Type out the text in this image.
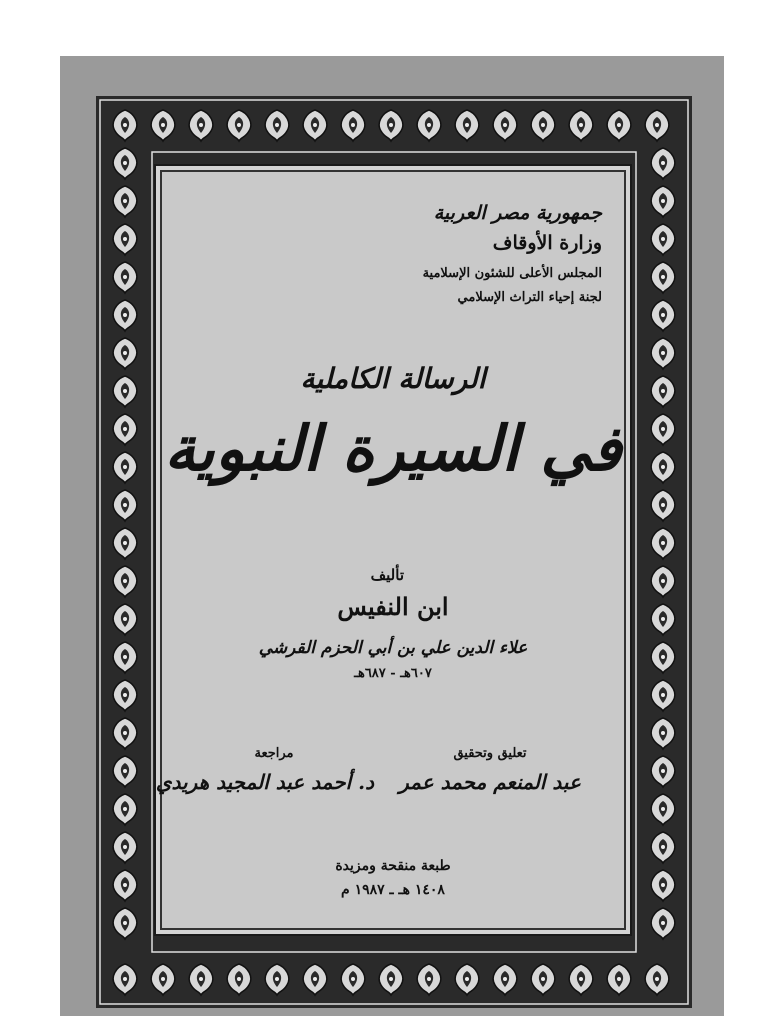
جمهورية مصر العربية
وزارة الأوقاف
المجلس الأعلى للشئون الإسلامية
لجنة إحياء التراث الإسلامي
الرسالة الكاملية
في السيرة النبوية
تأليف
ابن النفيس
علاء الدين علي بن أبي الحزم القرشي
٦٠٧هـ - ٦٨٧هـ
تعليق وتحقيق
عبد المنعم محمد عمر
مراجعة
د. أحمد عبد المجيد هريدي
طبعة منقحة ومزيدة
١٤٠٨ هـ ـ ١٩٨٧ م
